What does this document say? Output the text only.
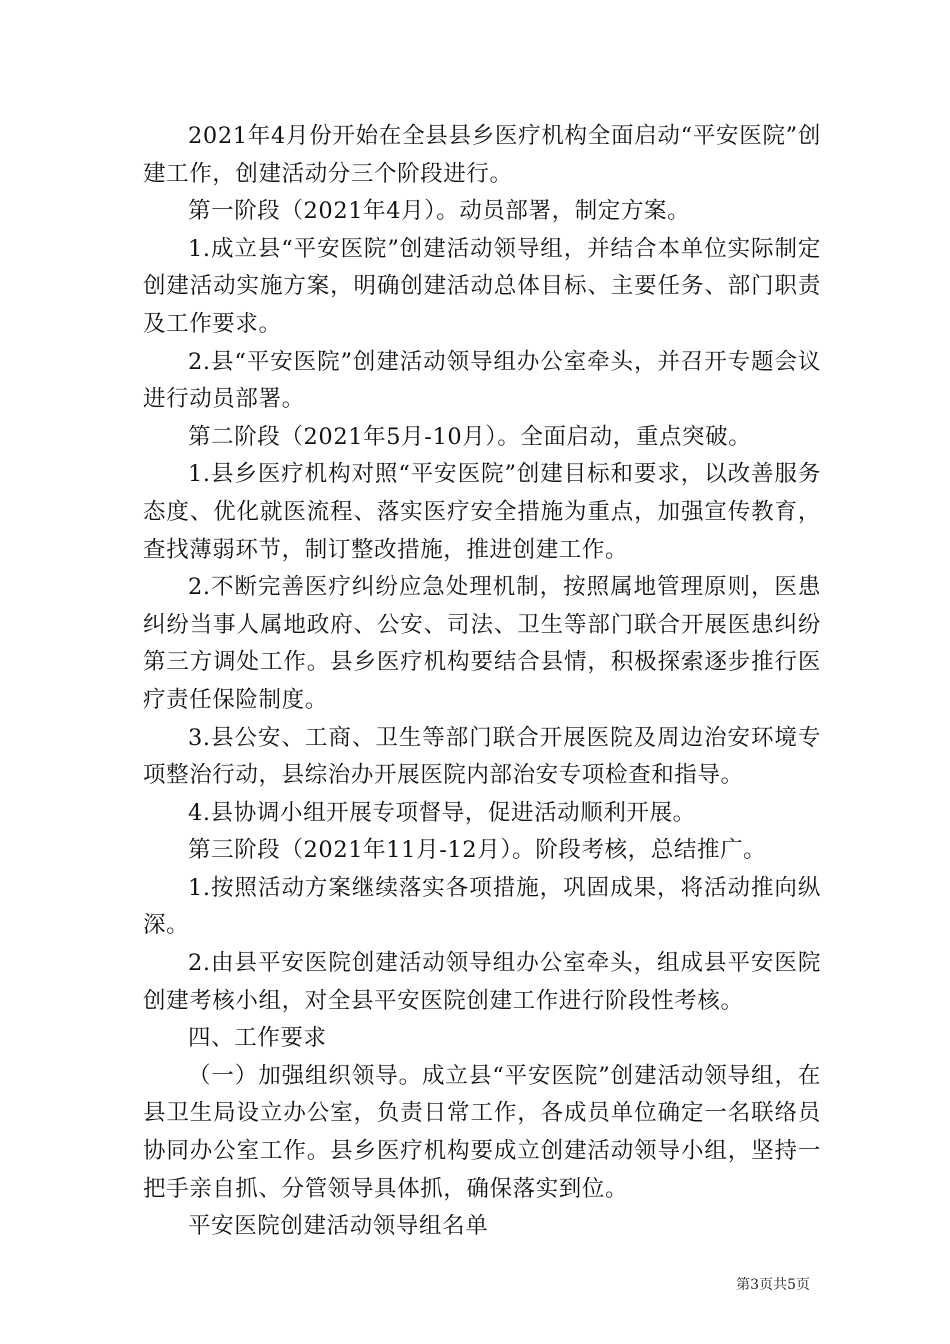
2021年4月份开始在全县县乡医疗机构全面启动“平安医院”创建工作，创建活动分三个阶段进行。

第一阶段（2021年4月）。动员部署，制定方案。

1.成立县“平安医院”创建活动领导组，并结合本单位实际制定创建活动实施方案，明确创建活动总体目标、主要任务、部门职责及工作要求。

2.县“平安医院”创建活动领导组办公室牵头，并召开专题会议进行动员部署。

第二阶段（2021年5月-10月）。全面启动，重点突破。

1.县乡医疗机构对照“平安医院”创建目标和要求，以改善服务态度、优化就医流程、落实医疗安全措施为重点，加强宣传教育，查找薄弱环节，制订整改措施，推进创建工作。

2.不断完善医疗纠纷应急处理机制，按照属地管理原则，医患纠纷当事人属地政府、公安、司法、卫生等部门联合开展医患纠纷第三方调处工作。县乡医疗机构要结合县情，积极探索逐步推行医疗责任保险制度。

3.县公安、工商、卫生等部门联合开展医院及周边治安环境专项整治行动，县综治办开展医院内部治安专项检查和指导。

4.县协调小组开展专项督导，促进活动顺利开展。

第三阶段（2021年11月-12月）。阶段考核，总结推广。

1.按照活动方案继续落实各项措施，巩固成果，将活动推向纵深。

2.由县平安医院创建活动领导组办公室牵头，组成县平安医院创建考核小组，对全县平安医院创建工作进行阶段性考核。

四、工作要求

（一）加强组织领导。成立县“平安医院”创建活动领导组，在县卫生局设立办公室，负责日常工作，各成员单位确定一名联络员协同办公室工作。县乡医疗机构要成立创建活动领导小组，坚持一把手亲自抓、分管领导具体抓，确保落实到位。

平安医院创建活动领导组名单

第3页共5页
